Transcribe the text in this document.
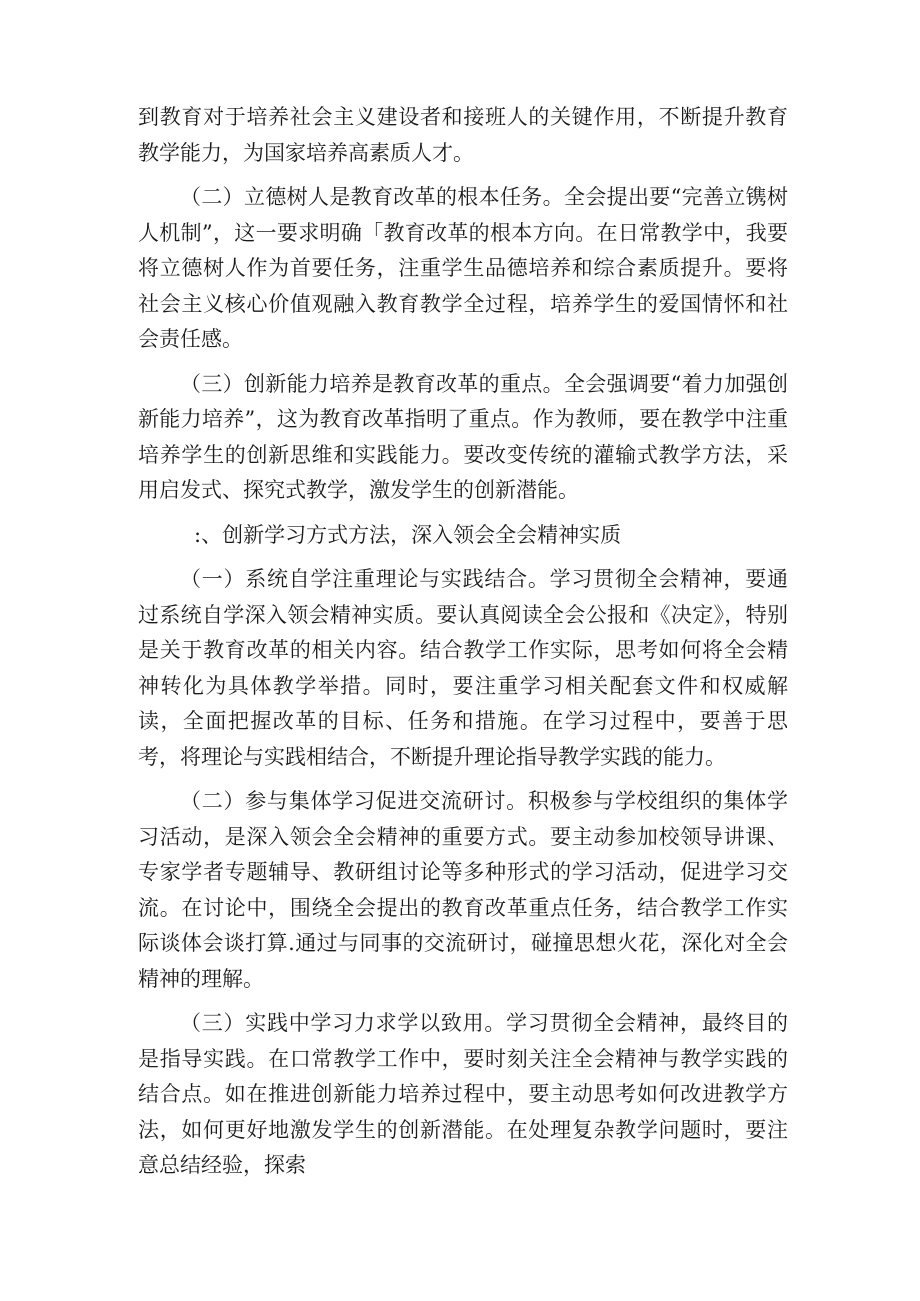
到教育对于培养社会主义建设者和接班人的关键作用，不断提升教育教学能力，为国家培养高素质人才。

（二）立德树人是教育改革的根本任务。全会提出要“完善立镌树人机制”，这一要求明确「教育改革的根本方向。在日常教学中，我要将立德树人作为首要任务，注重学生品德培养和综合素质提升。要将社会主义核心价值观融入教育教学全过程，培养学生的爱国情怀和社会责任感。

（三）创新能力培养是教育改革的重点。全会强调要“着力加强创新能力培养”，这为教育改革指明了重点。作为教师，要在教学中注重培养学生的创新思维和实践能力。要改变传统的灌输式教学方法，采用启发式、探究式教学，激发学生的创新潜能。

:、创新学习方式方法，深入领会全会精神实质

（一）系统自学注重理论与实践结合。学习贯彻全会精神，要通过系统自学深入领会精神实质。要认真阅读全会公报和《决定》，特别是关于教育改革的相关内容。结合教学工作实际，思考如何将全会精神转化为具体教学举措。同时，要注重学习相关配套文件和权威解读，全面把握改革的目标、任务和措施。在学习过程中，要善于思考，将理论与实践相结合，不断提升理论指导教学实践的能力。

（二）参与集体学习促进交流研讨。积极参与学校组织的集体学习活动，是深入领会全会精神的重要方式。要主动参加校领导讲课、专家学者专题辅导、教研组讨论等多种形式的学习活动，促进学习交流。在讨论中，围绕全会提出的教育改革重点任务，结合教学工作实际谈体会谈打算.通过与同事的交流研讨，碰撞思想火花，深化对全会精神的理解。

（三）实践中学习力求学以致用。学习贯彻全会精神，最终目的是指导实践。在口常教学工作中，要时刻关注全会精神与教学实践的结合点。如在推进创新能力培养过程中，要主动思考如何改进教学方法，如何更好地激发学生的创新潜能。在处理复杂教学问题时，要注意总结经验，探索
